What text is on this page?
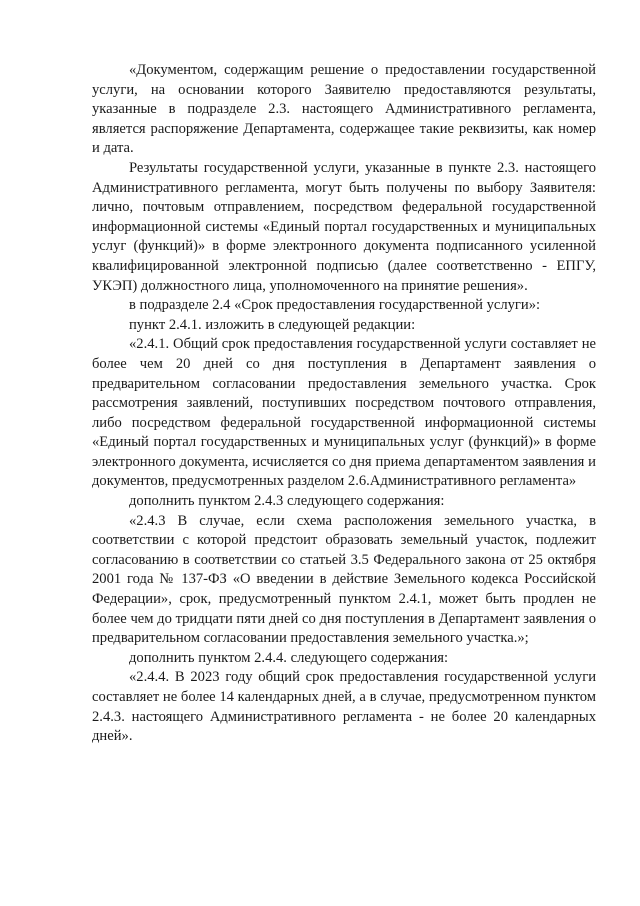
«Документом, содержащим решение о предоставлении государственной услуги, на основании которого Заявителю предоставляются результаты, указанные в подразделе 2.3. настоящего Административного регламента, является распоряжение Департамента, содержащее такие реквизиты, как номер и дата.

Результаты государственной услуги, указанные в пункте 2.3. настоящего Административного регламента, могут быть получены по выбору Заявителя: лично, почтовым отправлением, посредством федеральной государственной информационной системы «Единый портал государственных и муниципальных услуг (функций)» в форме электронного документа подписанного усиленной квалифицированной электронной подписью (далее соответственно - ЕПГУ, УКЭП) должностного лица, уполномоченного на принятие решения».

в подразделе 2.4 «Срок предоставления государственной услуги»:

пункт 2.4.1. изложить в следующей редакции:

«2.4.1. Общий срок предоставления государственной услуги составляет не более чем 20 дней со дня поступления в Департамент заявления о предварительном согласовании предоставления земельного участка. Срок рассмотрения заявлений, поступивших посредством почтового отправления, либо посредством федеральной государственной информационной системы «Единый портал государственных и муниципальных услуг (функций)» в форме электронного документа, исчисляется со дня приема департаментом заявления и документов, предусмотренных разделом 2.6.Административного регламента»

дополнить пунктом 2.4.3 следующего содержания:

«2.4.3 В случае, если схема расположения земельного участка, в соответствии с которой предстоит образовать земельный участок, подлежит согласованию в соответствии со статьей 3.5 Федерального закона от 25 октября 2001 года № 137-ФЗ «О введении в действие Земельного кодекса Российской Федерации», срок, предусмотренный пунктом 2.4.1, может быть продлен не более чем до тридцати пяти дней со дня поступления в Департамент заявления о предварительном согласовании предоставления земельного участка.»;

дополнить пунктом 2.4.4. следующего содержания:

«2.4.4. В 2023 году общий срок предоставления государственной услуги составляет не более 14 календарных дней, а в случае, предусмотренном пунктом 2.4.3. настоящего Административного регламента - не более 20 календарных дней».
